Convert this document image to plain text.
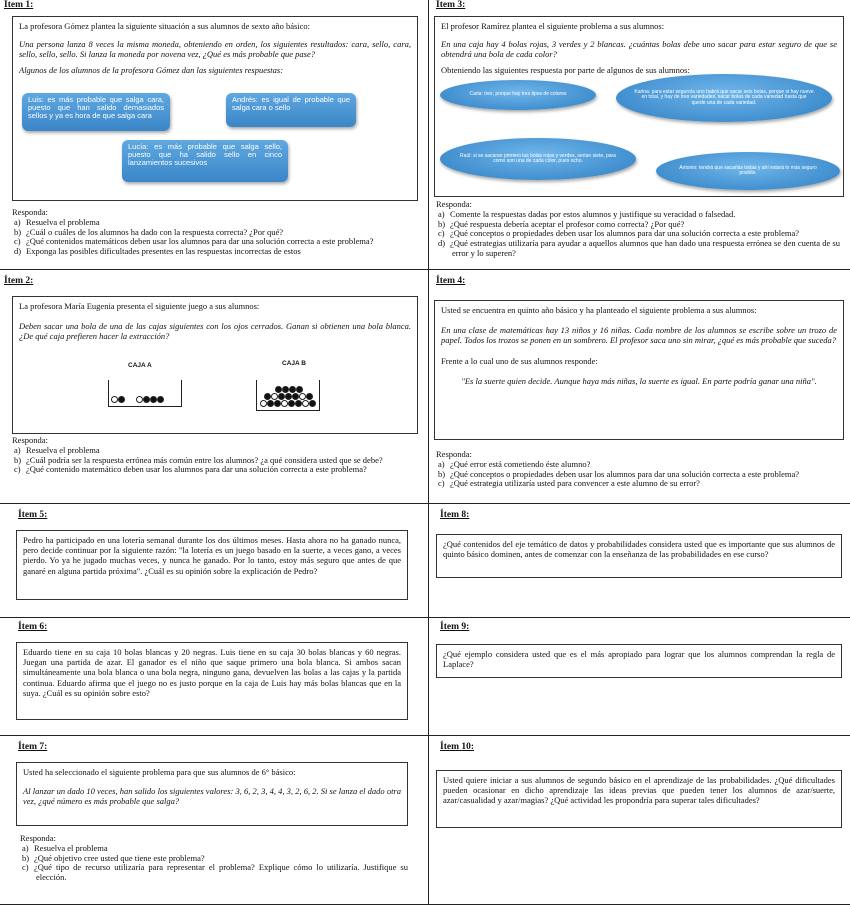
Ítem 1:

La profesora Gómez plantea la siguiente situación a sus alumnos de sexto año básico:

Una persona lanza 8 veces la misma moneda, obteniendo en orden, los siguientes resultados: cara, sello, cara, sello, sello, sello. Si lanza la moneda por novena vez, ¿Qué es más probable que pase?

Algunos de los alumnos de la profesora Gómez dan las siguientes respuestas:

Luis: es más probable que salga cara, puesto que han salido demasiados sellos y ya es hora de que salga cara
Andrés: es igual de probable que salga cara o sello
Lucía: es más probable que salga sello, puesto que ha salido sello en cinco lanzamientos sucesivos
Responda:
a) Resuelva el problema
b) ¿Cuál o cuáles de los alumnos ha dado con la respuesta correcta? ¿Por qué?
c) ¿Qué contenidos matemáticos deben usar los alumnos para dar una solución correcta a este problema?
d) Exponga las posibles dificultades presentes en las respuestas incorrectas de estos
Ítem 3:

El profesor Ramírez plantea el siguiente problema a sus alumnos:

En una caja hay 4 bolas rojas, 3 verdes y 2 blancas. ¿cuántas bolas debe uno sacar para estar seguro de que se obtendrá una bola de cada color?

Obteniendo las siguientes respuesta por parte de algunos de sus alumnos:

Carla: tres, porque hay tres tipos de colores	Karina: para estar seguro/a uno habrá que sacar seis bolas, porque si hay nueve en total, y hay de tres variedades, sacar bolas de cada variedad hasta que quede una de cada variedad.
Raúl: si se sacaran primero las bolas rojas y verdes, serían siete, para como son una de cada color, pues ocho.
Antonio: tendrá que sacarlas todas y ahí estará lo más seguro posible.
Responda:
a) Comente la respuestas dadas por estos alumnos y justifique su veracidad o falsedad.
b) ¿Qué respuesta debería aceptar el profesor como correcta? ¿Por qué?
c) ¿Qué conceptos o propiedades deben usar los alumnos para dar una solución correcta a este problema?
d) ¿Qué estrategias utilizaría para ayudar a aquellos alumnos que han dado una respuesta errónea se den cuenta de su error y lo superen?
Ítem 2:

La profesora María Eugenia presenta el siguiente juego a sus alumnos:

Deben sacar una bola de una de las cajas siguientes con los ojos cerrados. Ganan si obtienen una bola blanca. ¿De qué caja prefieren hacer la extracción?

CAJA A	CAJA B
Responda:
a) Resuelva el problema
b) ¿Cuál podría ser la respuesta errónea más común entre los alumnos? ¿a qué considera usted que se debe?
c) ¿Qué contenido matemático deben usar los alumnos para dar una solución correcta a este problema?
Ítem 4:

Usted se encuentra en quinto año básico y ha planteado el siguiente problema a sus alumnos:

En una clase de matemáticas hay 13 niños y 16 niñas. Cada nombre de los alumnos se escribe sobre un trozo de papel. Todos los trozos se ponen en un sombrero. El profesor saca uno sin mirar, ¿qué es más probable que suceda?

Frente a lo cual uno de sus alumnos responde:

"Es la suerte quien decide. Aunque haya más niñas, la suerte es igual. En parte podría ganar una niña".

Responda:
a) ¿Qué error está cometiendo éste alumno?
b) ¿Qué conceptos o propiedades deben usar los alumnos para dar una solución correcta a este problema?
c) ¿Qué estrategia utilizaría usted para convencer a este alumno de su error?
Ítem 5:

Pedro ha participado en una lotería semanal durante los dos últimos meses. Hasta ahora no ha ganado nunca, pero decide continuar por la siguiente razón: "la lotería es un juego basado en la suerte, a veces gano, a veces pierdo. Yo ya he jugado muchas veces, y nunca he ganado. Por lo tanto, estoy más seguro que antes de que ganaré en alguna partida próxima". ¿Cuál es su opinión sobre la explicación de Pedro?

Ítem 8:

¿Qué contenidos del eje temático de datos y probabilidades considera usted que es importante que sus alumnos de quinto básico dominen, antes de comenzar con la enseñanza de las probabilidades en ese curso?

Ítem 6:

Eduardo tiene en su caja 10 bolas blancas y 20 negras. Luis tiene en su caja 30 bolas blancas y 60 negras. Juegan una partida de azar. El ganador es el niño que saque primero una bola blanca. Si ambos sacan simultáneamente una bola blanca o una bola negra, ninguno gana, devuelven las bolas a las cajas y la partida continua. Eduardo afirma que el juego no es justo porque en la caja de Luis hay más bolas blancas que en la suya. ¿Cuál es su opinión sobre esto?

Ítem 9:

¿Qué ejemplo considera usted que es el más apropiado para lograr que los alumnos comprendan la regla de Laplace?

Ítem 7:

Usted ha seleccionado el siguiente problema para que sus alumnos de 6° básico:

Al lanzar un dado 10 veces, han salido los siguientes valores: 3, 6, 2, 3, 4, 4, 3, 2, 6, 2. Si se lanza el dado otra vez, ¿qué número es más probable que salga?

Responda:
a) Resuelva el problema
b) ¿Qué objetivo cree usted que tiene este problema?
c) ¿Qué tipo de recurso utilizaría para representar el problema? Explique cómo lo utilizaría. Justifique su elección.
Ítem 10:

Usted quiere iniciar a sus alumnos de segundo básico en el aprendizaje de las probabilidades. ¿Qué dificultades pueden ocasionar en dicho aprendizaje las ideas previas que pueden tener los alumnos de azar/suerte, azar/casualidad y azar/magias? ¿Qué actividad les propondría para superar tales dificultades?
